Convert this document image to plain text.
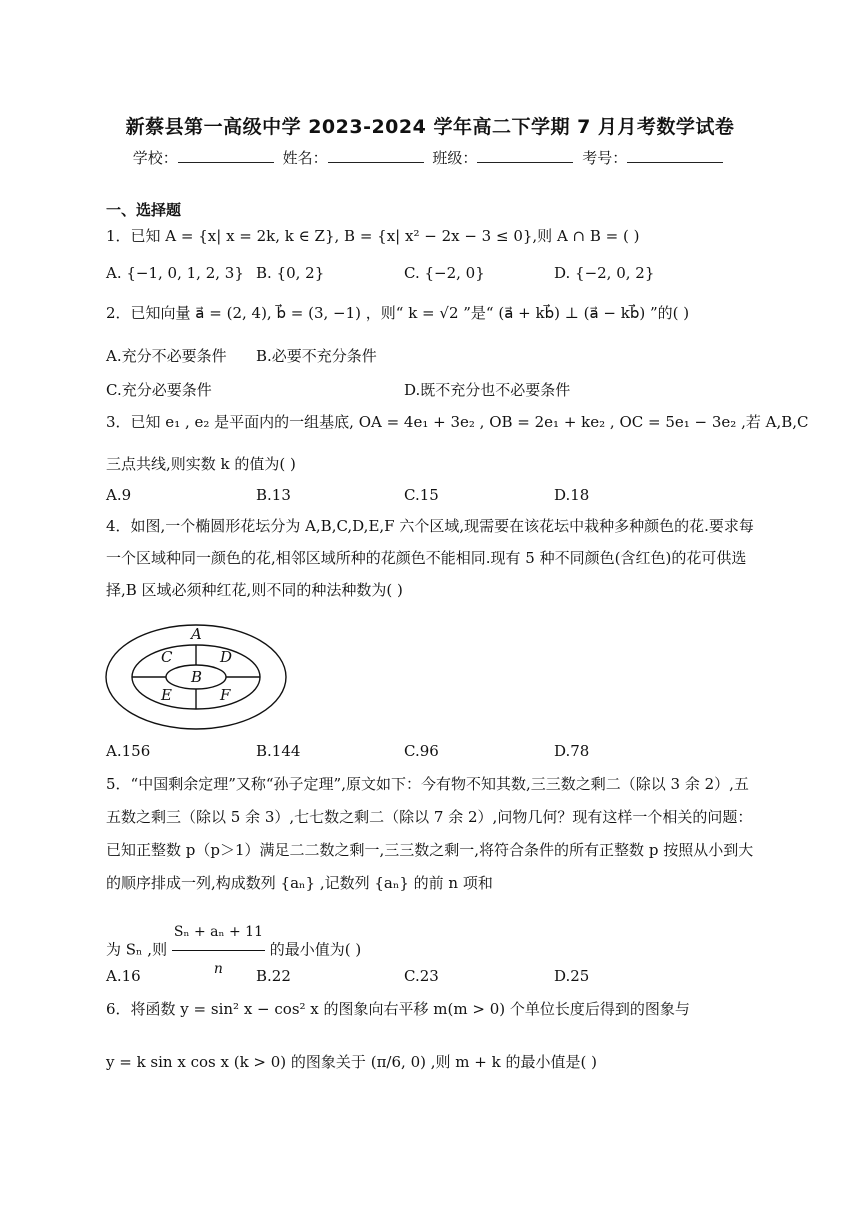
新蔡县第一高级中学 2023-2024 学年高二下学期 7 月月考数学试卷
学校：	姓名：	班级：	考号：
一、选择题
1．已知 A = {x| x = 2k, k ∈ Z}, B = {x| x² − 2x − 3 ≤ 0},则 A ∩ B = ( )
A. {−1, 0, 1, 2, 3} B. {0, 2}	C. {−2, 0}	D. {−2, 0, 2}
2．已知向量 a⃗ = (2, 4), b⃗ = (3, −1) ，则“ k = √2 ”是“ (a⃗ + kb⃗) ⊥ (a⃗ − kb⃗) ”的( )
A.充分不必要条件 B.必要不充分条件
C.充分必要条件	D.既不充分也不必要条件
3．已知 e₁ , e₂ 是平面内的一组基底, OA = 4e₁ + 3e₂ , OB = 2e₁ + ke₂ , OC = 5e₁ − 3e₂ ,若 A,B,C
三点共线,则实数 k 的值为( )
A.9	B.13	C.15	D.18
4．如图,一个椭圆形花坛分为 A,B,C,D,E,F 六个区域,现需要在该花坛中栽种多种颜色的花.要求每一个区域种同一颜色的花,相邻区域所种的花颜色不能相同.现有 5 种不同颜色(含红色)的花可供选择,B 区域必须种红花,则不同的种法种数为( )
A
C	D
B
E	F
A.156	B.144	C.96	D.78
5．“中国剩余定理”又称“孙子定理”,原文如下：今有物不知其数,三三数之剩二（除以 3 余 2）,五五数之剩三（除以 5 余 3）,七七数之剩二（除以 7 余 2）,问物几何？现有这样一个相关的问题：已知正整数 p（p＞1）满足二二数之剩一,三三数之剩一,将符合条件的所有正整数 p 按照从小到大的顺序排成一列,构成数列 {aₙ} ,记数列 {aₙ} 的前 n 项和
为 Sₙ ,则 $\frac{\text{Sₙ + aₙ + 11}}{n}$ 的最小值为( )
A.16	B.22	C.23	D.25
6．将函数 y = sin² x − cos² x 的图象向右平移 m(m > 0) 个单位长度后得到的图象与
y = k sin x cos x (k > 0) 的图象关于 (π/6, 0) ,则 m + k 的最小值是( )
